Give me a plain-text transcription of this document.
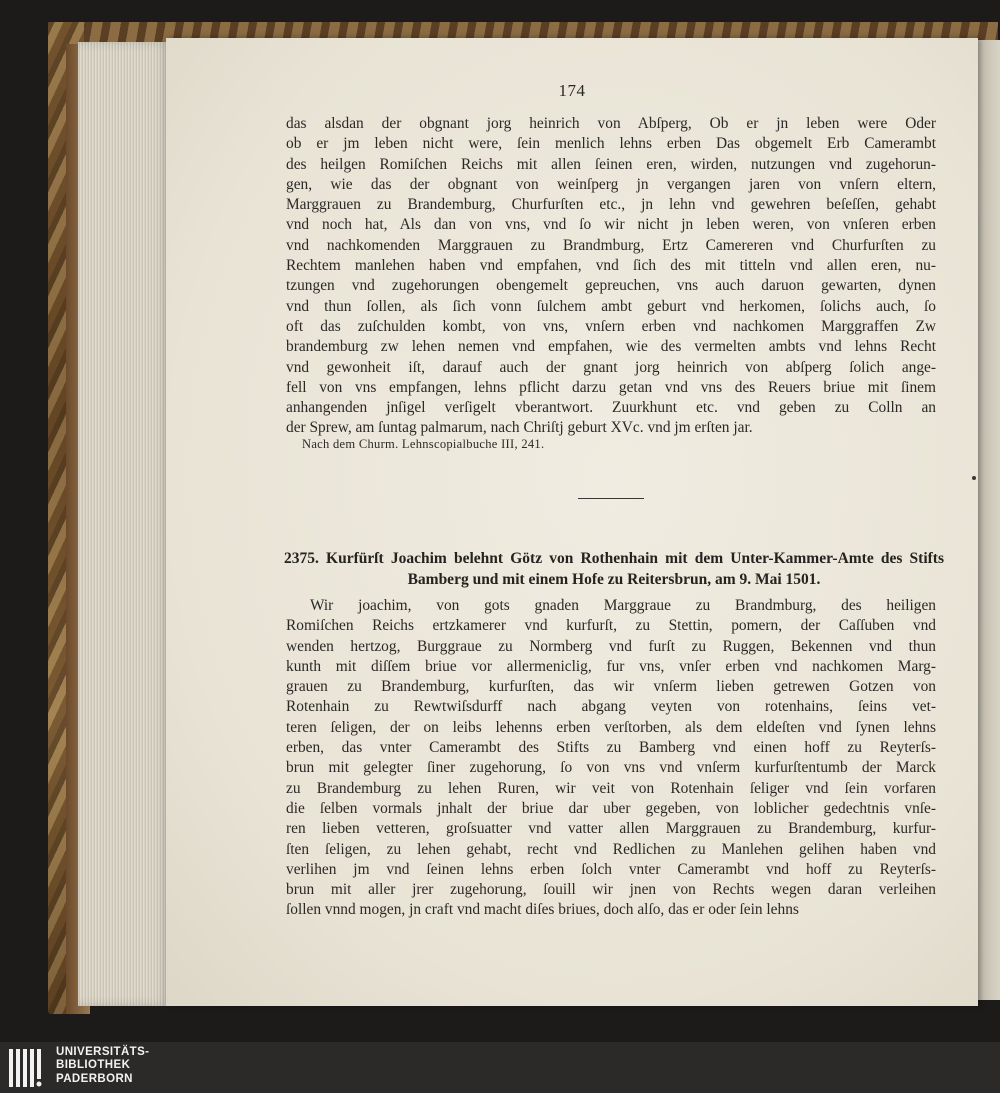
174
das alsdan der obgnant jorg heinrich von Abſperg, Ob er jn leben were Oder
ob er jm leben nicht were, ſein menlich lehns erben Das obgemelt Erb Camerambt
des heilgen Romiſchen Reichs mit allen ſeinen eren, wirden, nutzungen vnd zugehorun-
gen, wie das der obgnant von weinſperg jn vergangen jaren von vnſern eltern,
Marggrauen zu Brandemburg, Churfurſten etc., jn lehn vnd gewehren beſeſſen, gehabt
vnd noch hat, Als dan von vns, vnd ſo wir nicht jn leben weren, von vnſeren erben
vnd nachkomenden Marggrauen zu Brandmburg, Ertz Camereren vnd Churfurſten zu
Rechtem manlehen haben vnd empfahen, vnd ſich des mit titteln vnd allen eren, nu-
tzungen vnd zugehorungen obengemelt gepreuchen, vns auch daruon gewarten, dynen
vnd thun ſollen, als ſich vonn ſulchem ambt geburt vnd herkomen, ſolichs auch, ſo
oft das zuſchulden kombt, von vns, vnſern erben vnd nachkomen Marggraffen Zw
brandemburg zw lehen nemen vnd empfahen, wie des vermelten ambts vnd lehns Recht
vnd gewonheit iſt, darauf auch der gnant jorg heinrich von abſperg ſolich ange-
fell von vns empfangen, lehns pflicht darzu getan vnd vns des Reuers briue mit ſinem
anhangenden jnſigel verſigelt vberantwort. Zuurkhunt etc. vnd geben zu Colln an
der Sprew, am ſuntag palmarum, nach Chriſtj geburt XVc. vnd jm erſten jar.
Nach dem Churm. Lehnscopialbuche III, 241.
2375. Kurfürſt Joachim belehnt Götz von Rothenhain mit dem Unter-Kammer-Amte des Stifts
Bamberg und mit einem Hofe zu Reitersbrun, am 9. Mai 1501.
Wir joachim, von gots gnaden Marggraue zu Brandmburg, des heiligen
Romiſchen Reichs ertzkamerer vnd kurfurſt, zu Stettin, pomern, der Caſſuben vnd
wenden hertzog, Burggraue zu Normberg vnd furſt zu Ruggen, Bekennen vnd thun
kunth mit diſſem briue vor allermeniclig, fur vns, vnſer erben vnd nachkomen Marg-
grauen zu Brandemburg, kurfurſten, das wir vnſerm lieben getrewen Gotzen von
Rotenhain zu Rewtwiſsdurff nach abgang veyten von rotenhains, ſeins vet-
teren ſeligen, der on leibs lehenns erben verſtorben, als dem eldeſten vnd ſynen lehns
erben, das vnter Camerambt des Stifts zu Bamberg vnd einen hoff zu Reyterſs-
brun mit gelegter ſiner zugehorung, ſo von vns vnd vnſerm kurfurſtentumb der Marck
zu Brandemburg zu lehen Ruren, wir veit von Rotenhain ſeliger vnd ſein vorfaren
die ſelben vormals jnhalt der briue dar uber gegeben, von loblicher gedechtnis vnſe-
ren lieben vetteren, groſsuatter vnd vatter allen Marggrauen zu Brandemburg, kurfur-
ſten ſeligen, zu lehen gehabt, recht vnd Redlichen zu Manlehen gelihen haben vnd
verlihen jm vnd ſeinen lehns erben ſolch vnter Camerambt vnd hoff zu Reyterſs-
brun mit aller jrer zugehorung, ſouill wir jnen von Rechts wegen daran verleihen
ſollen vnnd mogen, jn craft vnd macht diſes briues, doch alſo, das er oder ſein lehns
UNIVERSITÄTS-
BIBLIOTHEK
PADERBORN
